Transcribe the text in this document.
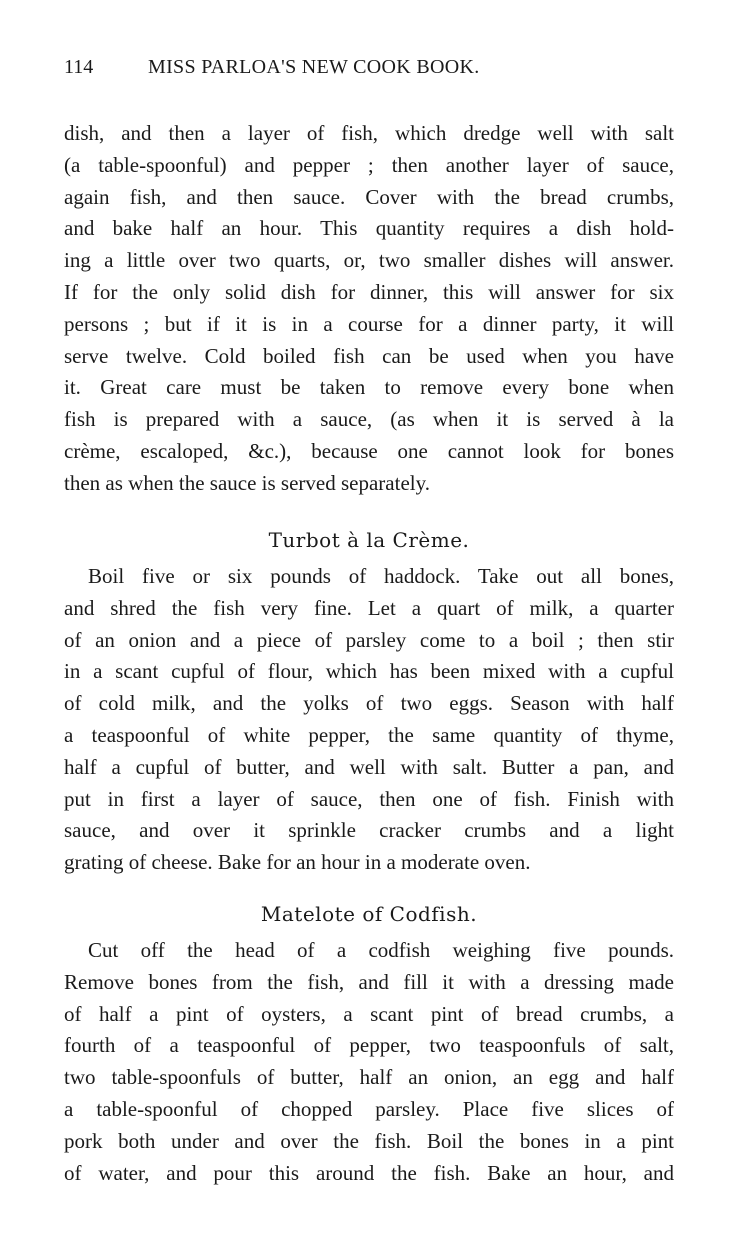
114	MISS PARLOA'S NEW COOK BOOK.
dish, and then a layer of fish, which dredge well with salt
(a table-spoonful) and pepper ; then another layer of sauce,
again fish, and then sauce. Cover with the bread crumbs,
and bake half an hour. This quantity requires a dish hold-
ing a little over two quarts, or, two smaller dishes will answer.
If for the only solid dish for dinner, this will answer for six
persons ; but if it is in a course for a dinner party, it will
serve twelve. Cold boiled fish can be used when you have
it. Great care must be taken to remove every bone when
fish is prepared with a sauce, (as when it is served à la
crème, escaloped, &c.), because one cannot look for bones
then as when the sauce is served separately.
Turbot à la Crème.
Boil five or six pounds of haddock. Take out all bones,
and shred the fish very fine. Let a quart of milk, a quarter
of an onion and a piece of parsley come to a boil ; then stir
in a scant cupful of flour, which has been mixed with a cupful
of cold milk, and the yolks of two eggs. Season with half
a teaspoonful of white pepper, the same quantity of thyme,
half a cupful of butter, and well with salt. Butter a pan, and
put in first a layer of sauce, then one of fish. Finish with
sauce, and over it sprinkle cracker crumbs and a light
grating of cheese. Bake for an hour in a moderate oven.
Matelote of Codfish.
Cut off the head of a codfish weighing five pounds.
Remove bones from the fish, and fill it with a dressing made
of half a pint of oysters, a scant pint of bread crumbs, a
fourth of a teaspoonful of pepper, two teaspoonfuls of salt,
two table-spoonfuls of butter, half an onion, an egg and half
a table-spoonful of chopped parsley. Place five slices of
pork both under and over the fish. Boil the bones in a pint
of water, and pour this around the fish. Bake an hour, and
